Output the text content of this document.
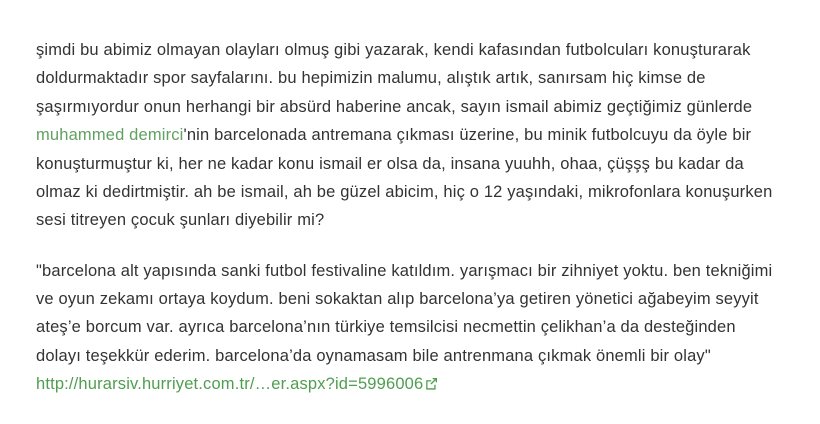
şimdi bu abimiz olmayan olayları olmuş gibi yazarak, kendi kafasından futbolcuları konuşturarak doldurmaktadır spor sayfalarını. bu hepimizin malumu, alıştık artık, sanırsam hiç kimse de şaşırmıyordur onun herhangi bir absürd haberine ancak, sayın ismail abimiz geçtiğimiz günlerde muhammed demirci'nin barcelonada antremana çıkması üzerine, bu minik futbolcuyu da öyle bir konuşturmuştur ki, her ne kadar konu ismail er olsa da, insana yuuhh, ohaa, çüşşş bu kadar da olmaz ki dedirtmiştir. ah be ismail, ah be güzel abicim, hiç o 12 yaşındaki, mikrofonlara konuşurken sesi titreyen çocuk şunları diyebilir mi?

"barcelona alt yapısında sanki futbol festivaline katıldım. yarışmacı bir zihniyet yoktu. ben tekniğimi ve oyun zekamı ortaya koydum. beni sokaktan alıp barcelona’ya getiren yönetici ağabeyim seyyit ateş’e borcum var. ayrıca barcelona’nın türkiye temsilcisi necmettin çelikhan’a da desteğinden dolayı teşekkür ederim. barcelona’da oynamasam bile antrenmana çıkmak önemli bir olay" http://hurarsiv.hurriyet.com.tr/…er.aspx?id=5996006
